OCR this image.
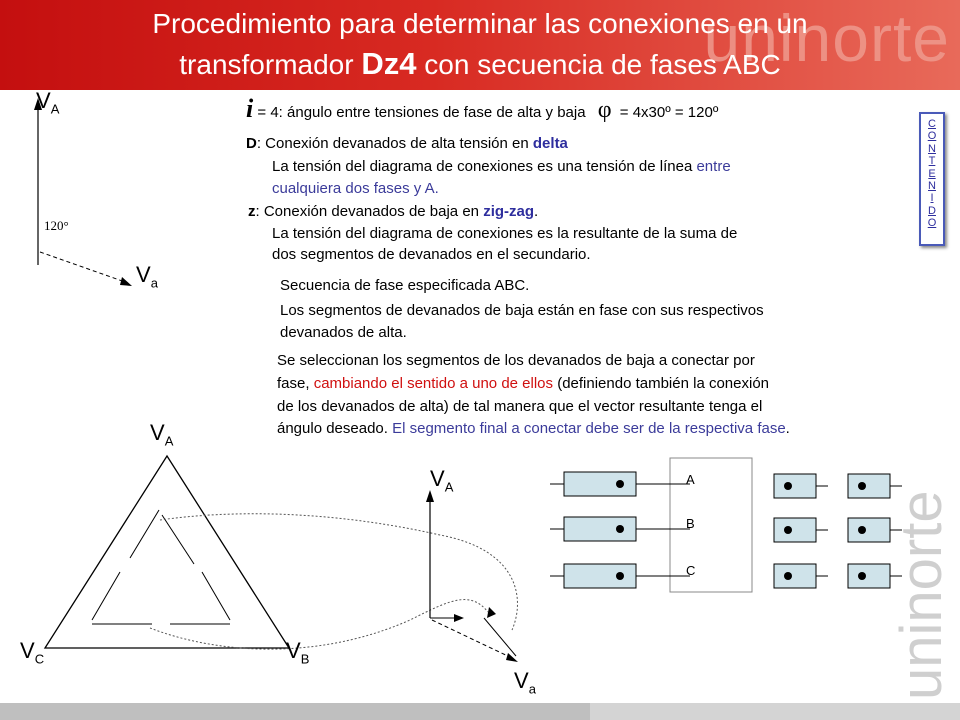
uninorte
Procedimiento para determinar las conexiones en un
transformador Dz4 con secuencia de fases ABC
$V_A$
120°
$V_a$
i = 4: ángulo entre tensiones de fase de alta y baja φ = 4x30º = 120º
D: Conexión devanados de alta tensión en delta
La tensión del diagrama de conexiones es una tensión de línea entre
cualquiera dos fases y A.
z: Conexión devanados de baja en zig-zag.
La tensión del diagrama de conexiones es la resultante de la suma de
dos segmentos de devanados en el secundario.
Secuencia de fase especificada ABC.
Los segmentos de devanados de baja están en fase con sus respectivos
devanados de alta.
Se seleccionan los segmentos de los devanados de baja a conectar por
fase, cambiando el sentido a uno de ellos (definiendo también la conexión
de los devanados de alta) de tal manera que el vector resultante tenga el
ángulo deseado. El segmento final a conectar debe ser de la respectiva fase.
C
O
N
T
E
N
I
D
O
$V_A$
$V_C$	$V_B$
$V_A$
$V_a$
A
B
C	uninorte
